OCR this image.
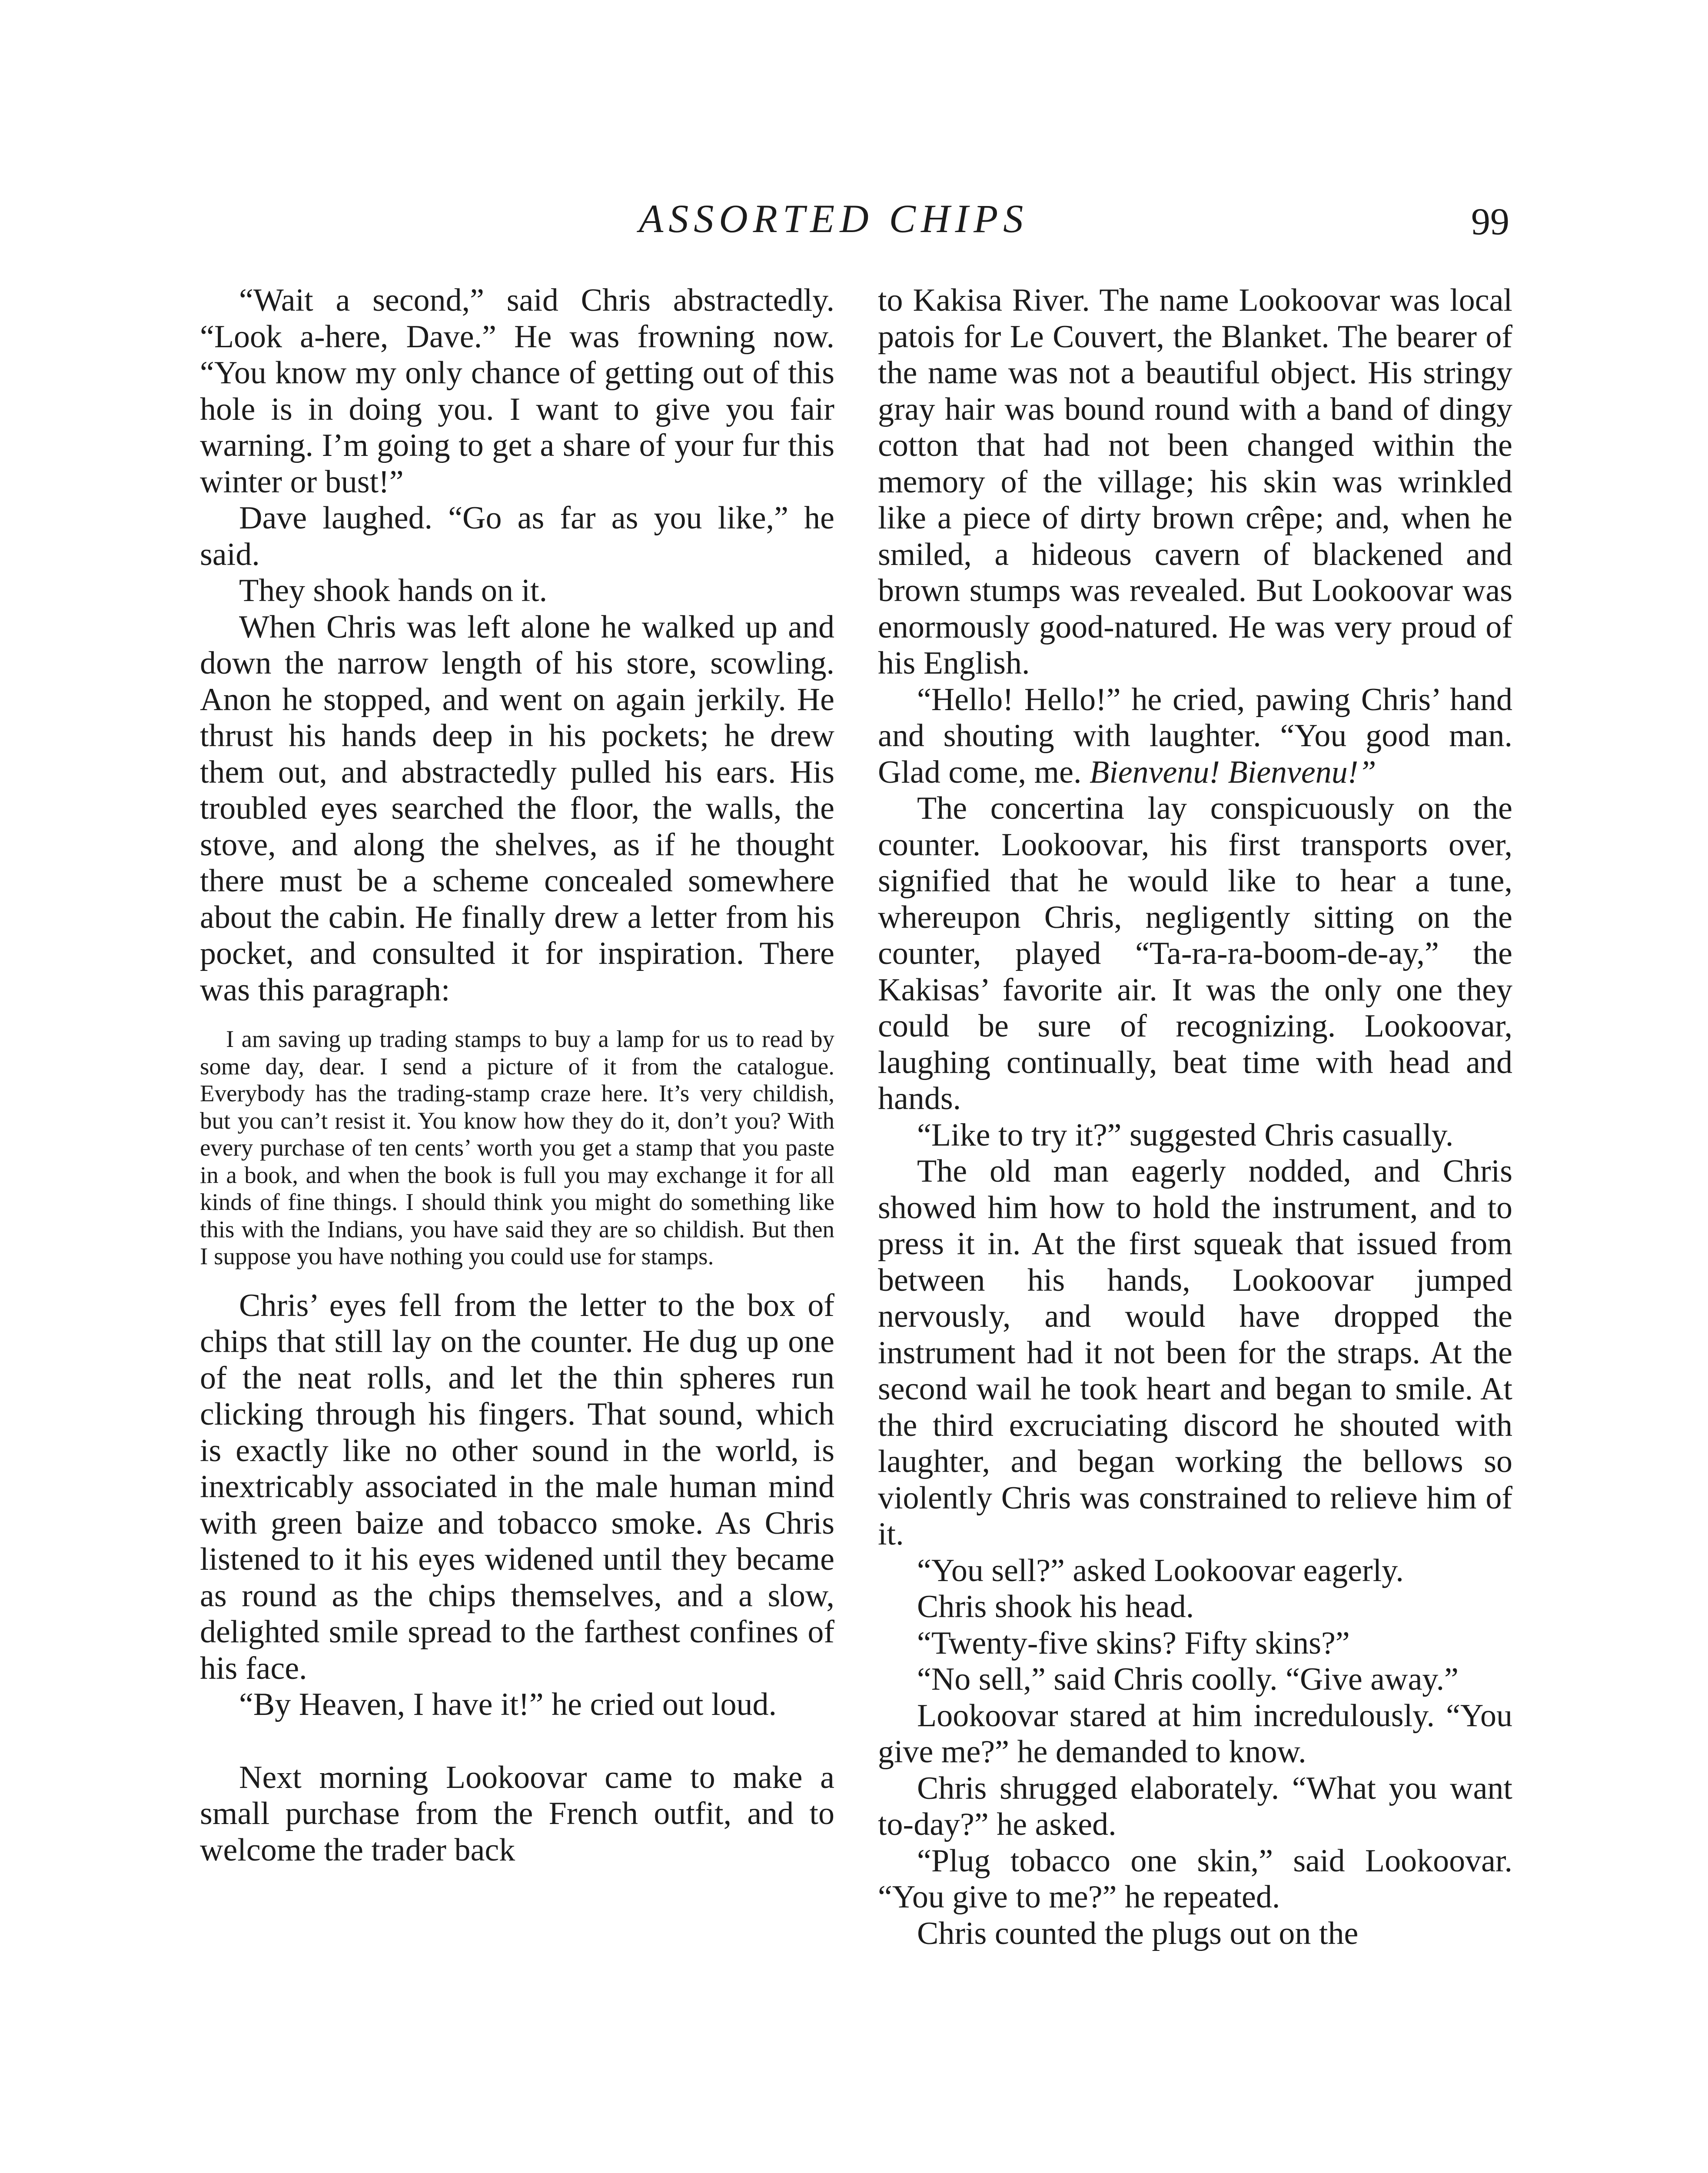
ASSORTED CHIPS	99

“Wait a second,” said Chris abstractedly. “Look a-here, Dave.” He was frowning now. “You know my only chance of getting out of this hole is in doing you. I want to give you fair warning. I’m going to get a share of your fur this winter or bust!”

Dave laughed. “Go as far as you like,” he said.

They shook hands on it.

When Chris was left alone he walked up and down the narrow length of his store, scowling. Anon he stopped, and went on again jerkily. He thrust his hands deep in his pockets; he drew them out, and abstractedly pulled his ears. His troubled eyes searched the floor, the walls, the stove, and along the shelves, as if he thought there must be a scheme concealed somewhere about the cabin. He finally drew a letter from his pocket, and consulted it for inspiration. There was this paragraph:

I am saving up trading stamps to buy a lamp for us to read by some day, dear. I send a picture of it from the catalogue. Everybody has the trading-stamp craze here. It’s very childish, but you can’t resist it. You know how they do it, don’t you? With every purchase of ten cents’ worth you get a stamp that you paste in a book, and when the book is full you may exchange it for all kinds of fine things. I should think you might do something like this with the Indians, you have said they are so childish. But then I suppose you have nothing you could use for stamps.

Chris’ eyes fell from the letter to the box of chips that still lay on the counter. He dug up one of the neat rolls, and let the thin spheres run clicking through his fingers. That sound, which is exactly like no other sound in the world, is inextricably associated in the male human mind with green baize and tobacco smoke. As Chris listened to it his eyes widened until they became as round as the chips themselves, and a slow, delighted smile spread to the farthest confines of his face.

“By Heaven, I have it!” he cried out loud.

Next morning Lookoovar came to make a small purchase from the French outfit, and to welcome the trader back

to Kakisa River. The name Lookoovar was local patois for Le Couvert, the Blanket. The bearer of the name was not a beautiful object. His stringy gray hair was bound round with a band of dingy cotton that had not been changed within the memory of the village; his skin was wrinkled like a piece of dirty brown crêpe; and, when he smiled, a hideous cavern of blackened and brown stumps was revealed. But Lookoovar was enormously good-natured. He was very proud of his English.

“Hello! Hello!” he cried, pawing Chris’ hand and shouting with laughter. “You good man. Glad come, me. Bienvenu! Bienvenu!”

The concertina lay conspicuously on the counter. Lookoovar, his first transports over, signified that he would like to hear a tune, whereupon Chris, negligently sitting on the counter, played “Ta-ra-ra-boom-de-ay,” the Kakisas’ favorite air. It was the only one they could be sure of recognizing. Lookoovar, laughing continually, beat time with head and hands.

“Like to try it?” suggested Chris casually.

The old man eagerly nodded, and Chris showed him how to hold the instrument, and to press it in. At the first squeak that issued from between his hands, Lookoovar jumped nervously, and would have dropped the instrument had it not been for the straps. At the second wail he took heart and began to smile. At the third excruciating discord he shouted with laughter, and began working the bellows so violently Chris was constrained to relieve him of it.

“You sell?” asked Lookoovar eagerly.

Chris shook his head.

“Twenty-five skins? Fifty skins?”

“No sell,” said Chris coolly. “Give away.”

Lookoovar stared at him incredulously. “You give me?” he demanded to know.

Chris shrugged elaborately. “What you want to-day?” he asked.

“Plug tobacco one skin,” said Lookoovar. “You give to me?” he repeated.

Chris counted the plugs out on the
